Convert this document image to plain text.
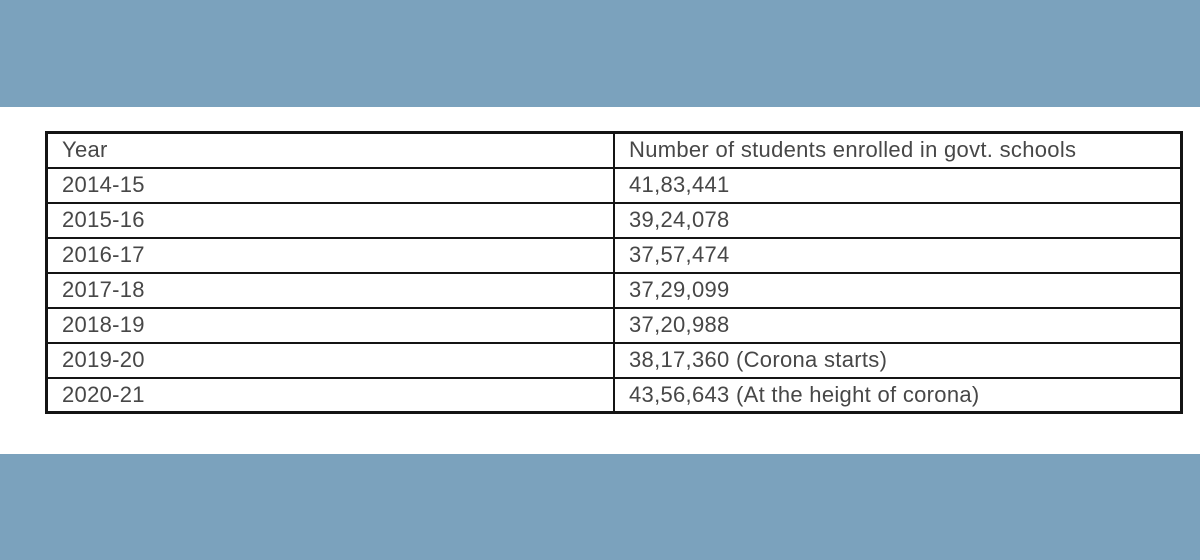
Year	Number of students enrolled in govt. schools
2014-15	41,83,441
2015-16	39,24,078
2016-17	37,57,474
2017-18	37,29,099
2018-19	37,20,988
2019-20	38,17,360 (Corona starts)
2020-21	43,56,643 (At the height of corona)
